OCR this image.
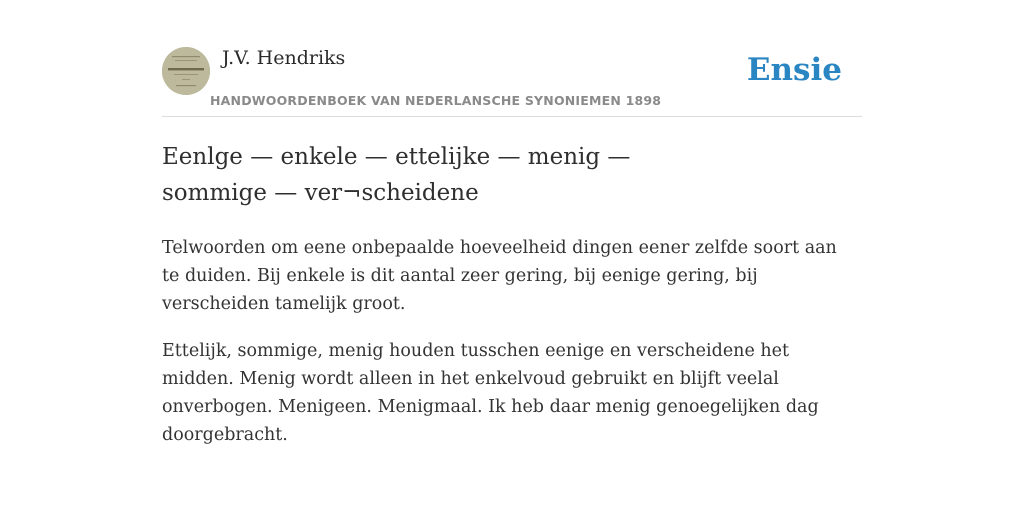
J.V. Hendriks
HANDWOORDENBOEK VAN NEDERLANSCHE SYNONIEMEN 1898
Ensie
Eenlge — enkele — ettelijke — menig — sommige — ver¬scheidene

Telwoorden om eene onbepaalde hoeveelheid dingen eener zelfde soort aan te duiden. Bij enkele is dit aantal zeer gering, bij eenige gering, bij verscheiden tamelijk groot.

Ettelijk, sommige, menig houden tusschen eenige en verscheidene het midden. Menig wordt alleen in het enkelvoud gebruikt en blijft veelal onverbogen. Menigeen. Menigmaal. Ik heb daar menig genoegelijken dag doorgebracht.
